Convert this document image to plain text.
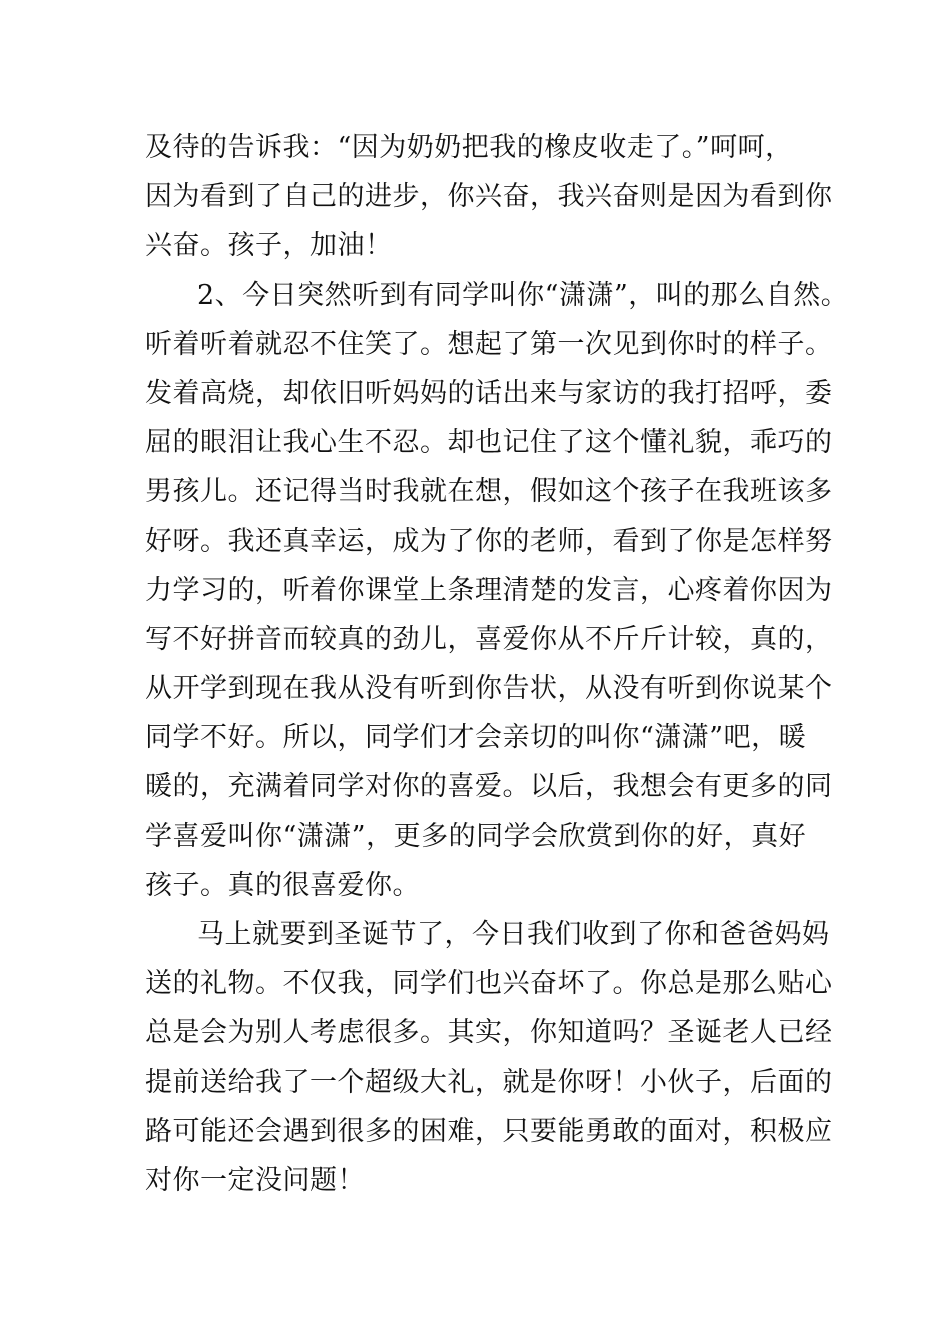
及待的告诉我：“因为奶奶把我的橡皮收走了。”呵呵，
因为看到了自己的进步，你兴奋，我兴奋则是因为看到你
兴奋。孩子，加油！
2、今日突然听到有同学叫你“潇潇”，叫的那么自然。
听着听着就忍不住笑了。想起了第一次见到你时的样子。
发着高烧，却依旧听妈妈的话出来与家访的我打招呼，委
屈的眼泪让我心生不忍。却也记住了这个懂礼貌，乖巧的
男孩儿。还记得当时我就在想，假如这个孩子在我班该多
好呀。我还真幸运，成为了你的老师，看到了你是怎样努
力学习的，听着你课堂上条理清楚的发言，心疼着你因为
写不好拼音而较真的劲儿，喜爱你从不斤斤计较，真的，
从开学到现在我从没有听到你告状，从没有听到你说某个
同学不好。所以，同学们才会亲切的叫你“潇潇”吧，暖
暖的，充满着同学对你的喜爱。以后，我想会有更多的同
学喜爱叫你“潇潇”，更多的同学会欣赏到你的好，真好
孩子。真的很喜爱你。
马上就要到圣诞节了，今日我们收到了你和爸爸妈妈
送的礼物。不仅我，同学们也兴奋坏了。你总是那么贴心
总是会为别人考虑很多。其实，你知道吗？圣诞老人已经
提前送给我了一个超级大礼，就是你呀！小伙子，后面的
路可能还会遇到很多的困难，只要能勇敢的面对，积极应
对你一定没问题！
